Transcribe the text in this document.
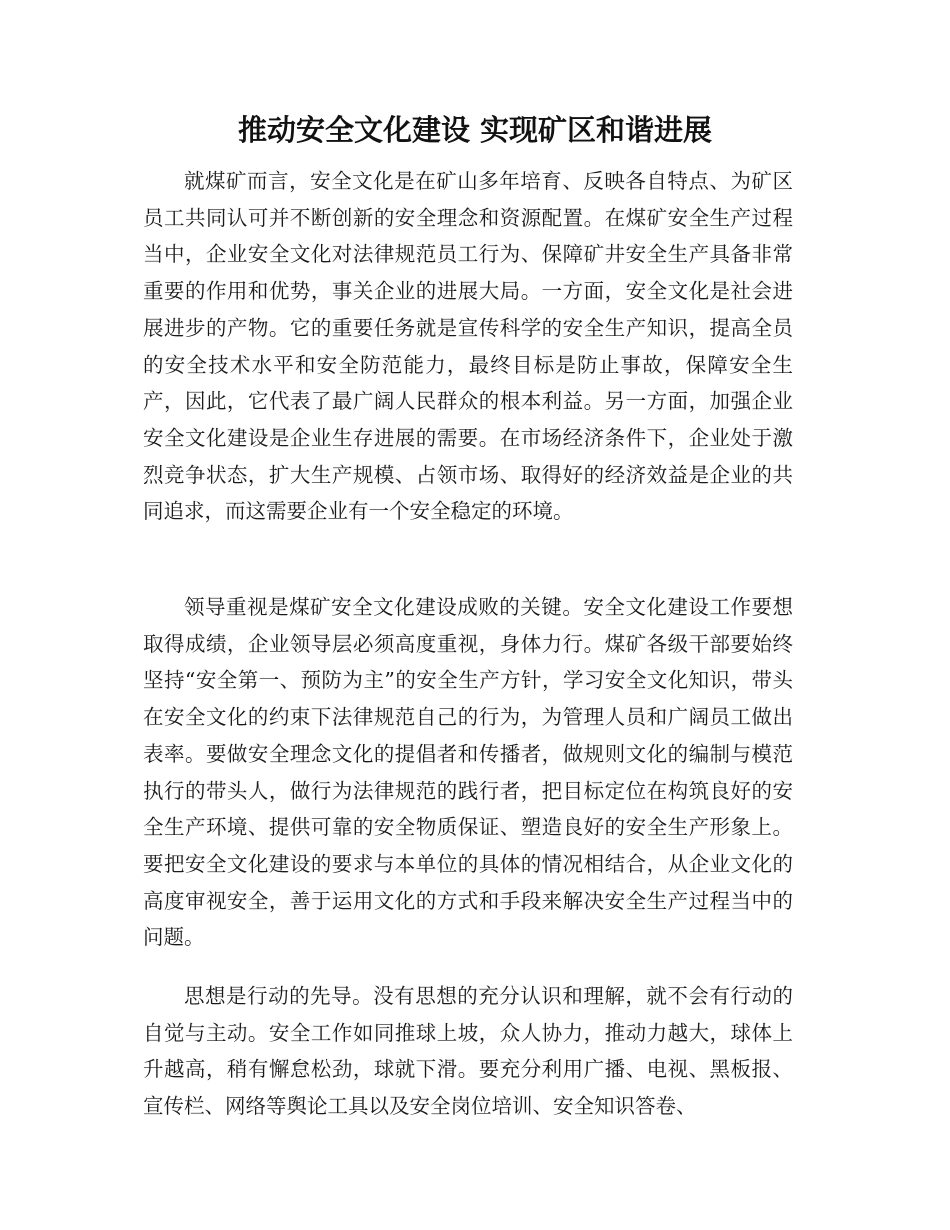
推动安全文化建设 实现矿区和谐进展

就煤矿而言，安全文化是在矿山多年培育、反映各自特点、为矿区员工共同认可并不断创新的安全理念和资源配置。在煤矿安全生产过程当中，企业安全文化对法律规范员工行为、保障矿井安全生产具备非常重要的作用和优势，事关企业的进展大局。一方面，安全文化是社会进展进步的产物。它的重要任务就是宣传科学的安全生产知识，提高全员的安全技术水平和安全防范能力，最终目标是防止事故，保障安全生产，因此，它代表了最广阔人民群众的根本利益。另一方面，加强企业安全文化建设是企业生存进展的需要。在市场经济条件下，企业处于激烈竞争状态，扩大生产规模、占领市场、取得好的经济效益是企业的共同追求，而这需要企业有一个安全稳定的环境。

领导重视是煤矿安全文化建设成败的关键。安全文化建设工作要想取得成绩，企业领导层必须高度重视，身体力行。煤矿各级干部要始终坚持“安全第一、预防为主”的安全生产方针，学习安全文化知识，带头在安全文化的约束下法律规范自己的行为，为管理人员和广阔员工做出表率。要做安全理念文化的提倡者和传播者，做规则文化的编制与模范执行的带头人，做行为法律规范的践行者，把目标定位在构筑良好的安全生产环境、提供可靠的安全物质保证、塑造良好的安全生产形象上。要把安全文化建设的要求与本单位的具体的情况相结合，从企业文化的高度审视安全，善于运用文化的方式和手段来解决安全生产过程当中的问题。

思想是行动的先导。没有思想的充分认识和理解，就不会有行动的自觉与主动。安全工作如同推球上坡，众人协力，推动力越大，球体上升越高，稍有懈怠松劲，球就下滑。要充分利用广播、电视、黑板报、宣传栏、网络等舆论工具以及安全岗位培训、安全知识答卷、
